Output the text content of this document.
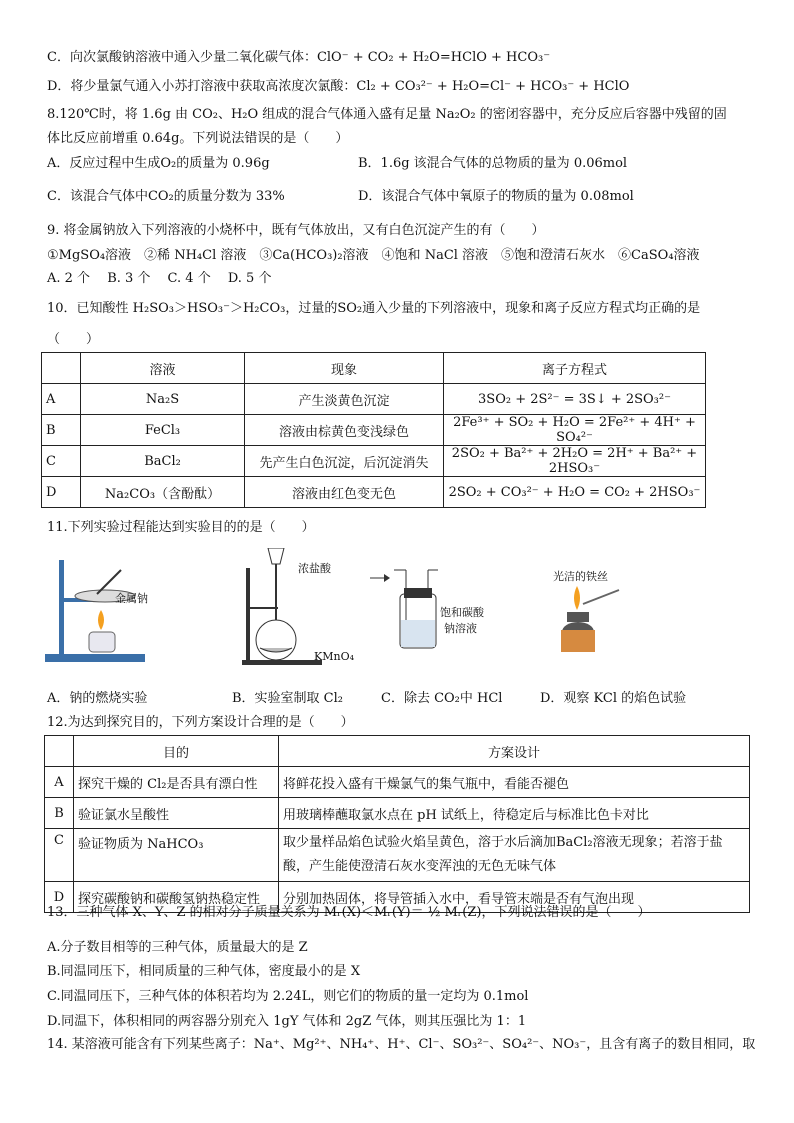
C．向次氯酸钠溶液中通入少量二氧化碳气体：ClO⁻ + CO₂ + H₂O=HClO + HCO₃⁻
D．将少量氯气通入小苏打溶液中获取高浓度次氯酸：Cl₂ + CO₃²⁻ + H₂O=Cl⁻ + HCO₃⁻ + HClO
8.120℃时，将 1.6g 由 CO₂、H₂O 组成的混合气体通入盛有足量 Na₂O₂ 的密闭容器中，充分反应后容器中残留的固
体比反应前增重 0.64g。下列说法错误的是（　　）
A．反应过程中生成O₂的质量为 0.96g	B．1.6g 该混合气体的总物质的量为 0.06mol
C．该混合气体中CO₂的质量分数为 33%	D．该混合气体中氧原子的物质的量为 0.08mol
9. 将金属钠放入下列溶液的小烧杯中，既有气体放出，又有白色沉淀产生的有（　　）
①MgSO₄溶液　②稀 NH₄Cl 溶液　③Ca(HCO₃)₂溶液　④饱和 NaCl 溶液　⑤饱和澄清石灰水　⑥CaSO₄溶液
A. 2 个　 B. 3 个　 C. 4 个　 D. 5 个
10．已知酸性 H₂SO₃＞HSO₃⁻＞H₂CO₃，过量的SO₂通入少量的下列溶液中，现象和离子反应方程式均正确的是
（　　）
	溶液	现象	离子方程式
A	Na₂S	产生淡黄色沉淀	3SO₂ + 2S²⁻ = 3S↓ + 2SO₃²⁻
B	FeCl₃	溶液由棕黄色变浅绿色	2Fe³⁺ + SO₂ + H₂O = 2Fe²⁺ + 4H⁺ + SO₄²⁻
C	BaCl₂	先产生白色沉淀，后沉淀消失	2SO₂ + Ba²⁺ + 2H₂O = 2H⁺ + Ba²⁺ + 2HSO₃⁻
D	Na₂CO₃（含酚酞）	溶液由红色变无色	2SO₂ + CO₃²⁻ + H₂O = CO₂ + 2HSO₃⁻
11.下列实验过程能达到实验目的的是（　　）
金属钠
浓盐酸
KMnO₄
饱和碳酸
钠溶液
光洁的铁丝
A．钠的燃烧实验	B．实验室制取 Cl₂	C．除去 CO₂中 HCl	D．观察 KCl 的焰色试验
12.为达到探究目的，下列方案设计合理的是（　　）
	目的	方案设计
A	探究干燥的 Cl₂是否具有漂白性	将鲜花投入盛有干燥氯气的集气瓶中，看能否褪色
B	验证氯水呈酸性	用玻璃棒蘸取氯水点在 pH 试纸上，待稳定后与标准比色卡对比
C	验证物质为 NaHCO₃	取少量样品焰色试验火焰呈黄色，溶于水后滴加BaCl₂溶液无现象；若溶于盐酸，产生能使澄清石灰水变浑浊的无色无味气体
D	探究碳酸钠和碳酸氢钠热稳定性	分别加热固体，将导管插入水中，看导管末端是否有气泡出现
13．三种气体 X、Y、Z 的相对分子质量关系为 Mᵣ(X)＜Mᵣ(Y)＝ ½ Mᵣ(Z)，下列说法错误的是（　　）
A.分子数目相等的三种气体，质量最大的是 Z
B.同温同压下，相同质量的三种气体，密度最小的是 X
C.同温同压下，三种气体的体积若均为 2.24L，则它们的物质的量一定均为 0.1mol
D.同温下，体积相同的两容器分别充入 1gY 气体和 2gZ 气体，则其压强比为 1：1
14. 某溶液可能含有下列某些离子：Na⁺、Mg²⁺、NH₄⁺、H⁺、Cl⁻、SO₃²⁻、SO₄²⁻、NO₃⁻，且含有离子的数目相同，取
